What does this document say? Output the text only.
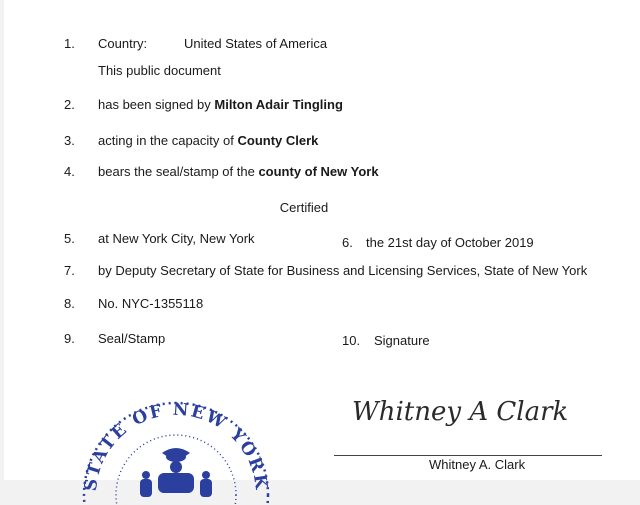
1. Country:	United States of America
This public document
2. has been signed by Milton Adair Tingling
3. acting in the capacity of County Clerk
4. bears the seal/stamp of the county of New York
Certified
5. at New York City, New York	6. the 21st day of October 2019
7. by Deputy Secretary of State for Business and Licensing Services, State of New York
8. No. NYC-1355118
9. Seal/Stamp	10. Signature
Whitney A Clark
Whitney A. Clark
STATE OF NEW YORK
